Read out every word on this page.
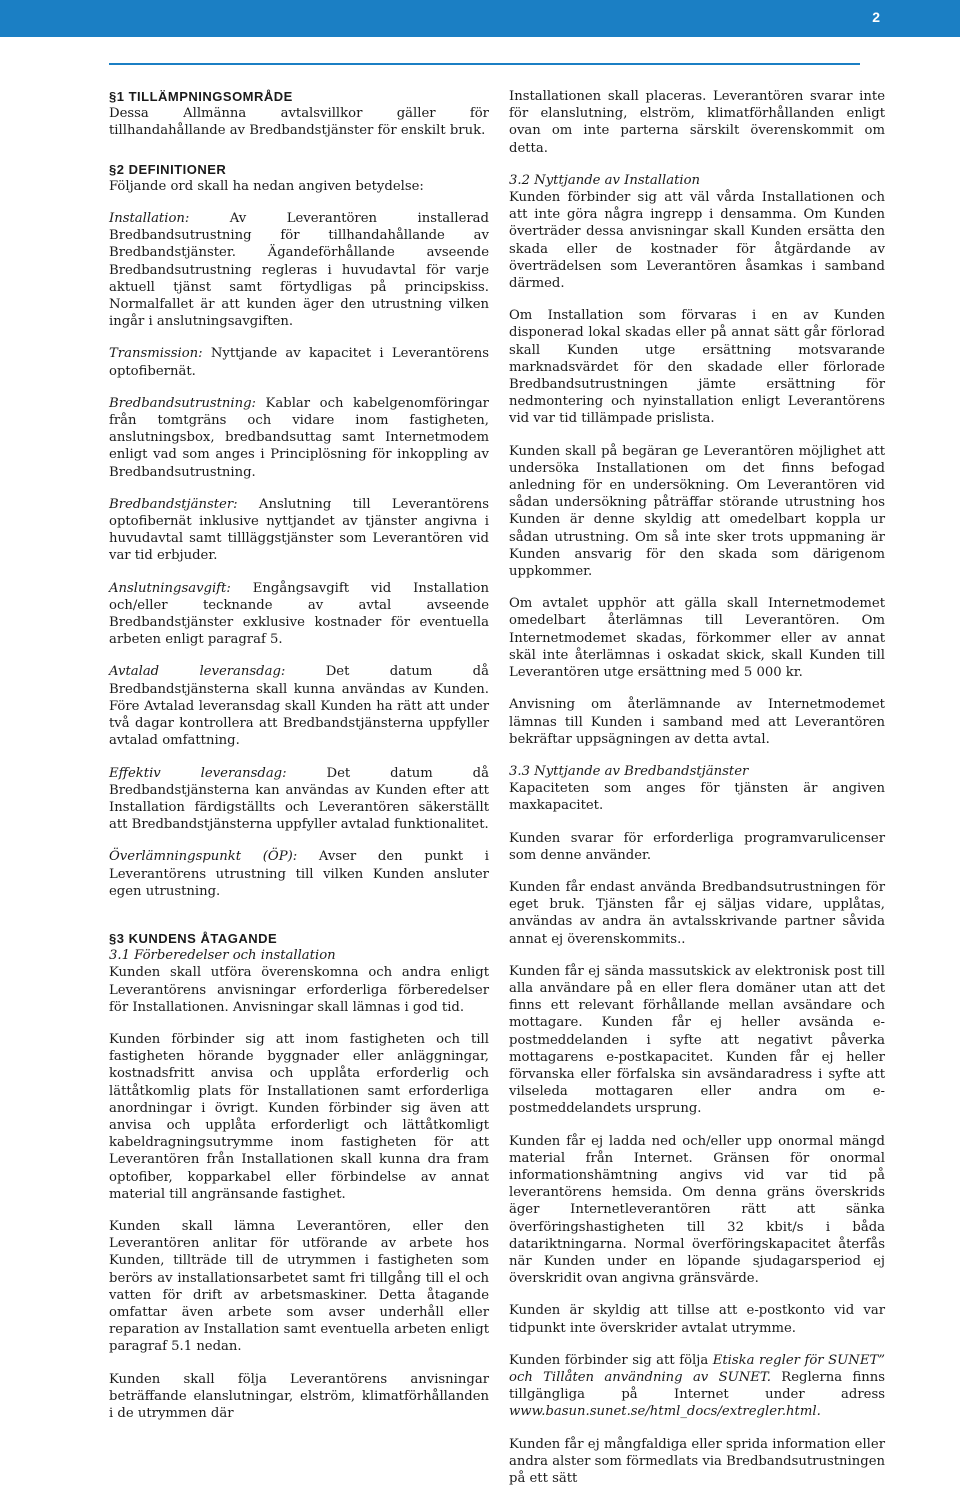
2
§1 TILLÄMPNINGSOMRÅDE

Dessa Allmänna avtalsvillkor gäller för tillhandahållande av Bredbandstjänster för enskilt bruk.

§2 DEFINITIONER

Följande ord skall ha nedan angiven betydelse:

Installation: Av Leverantören installerad Bredbandsutrustning för tillhandahållande av Bredbandstjänster. Ägandeförhållande avseende Bredbandsutrustning regleras i huvudavtal för varje aktuell tjänst samt förtydligas på principskiss. Normalfallet är att kunden äger den utrustning vilken ingår i anslutningsavgiften.

Transmission: Nyttjande av kapacitet i Leverantörens optofibernät.

Bredbandsutrustning: Kablar och kabelgenomföringar från tomtgräns och vidare inom fastigheten, anslutningsbox, bredbandsuttag samt Internetmodem enligt vad som anges i Principlösning för inkoppling av Bredbandsutrustning.

Bredbandstjänster: Anslutning till Leverantörens optofibernät inklusive nyttjandet av tjänster angivna i huvudavtal samt tillläggstjänster som Leverantören vid var tid erbjuder.

Anslutningsavgift: Engångsavgift vid Installation och/eller tecknande av avtal avseende Bredbandstjänster exklusive kostnader för eventuella arbeten enligt paragraf 5.

Avtalad leveransdag: Det datum då Bredbandstjänsterna skall kunna användas av Kunden. Före Avtalad leveransdag skall Kunden ha rätt att under två dagar kontrollera att Bredbandstjänsterna uppfyller avtalad omfattning.

Effektiv leveransdag: Det datum då Bredbandstjänsterna kan användas av Kunden efter att Installation färdigställts och Leverantören säkerställt att Bredbandstjänsterna uppfyller avtalad funktionalitet.

Överlämningspunkt (ÖP): Avser den punkt i Leverantörens utrustning till vilken Kunden ansluter egen utrustning.

§3 KUNDENS ÅTAGANDE
3.1 Förberedelser och installation

Kunden skall utföra överenskomna och andra enligt Leverantörens anvisningar erforderliga förberedelser för Installationen. Anvisningar skall lämnas i god tid.

Kunden förbinder sig att inom fastigheten och till fastigheten hörande byggnader eller anläggningar, kostnadsfritt anvisa och upplåta erforderlig och lättåtkomlig plats för Installationen samt erforderliga anordningar i övrigt. Kunden förbinder sig även att anvisa och upplåta erforderligt och lättåtkomligt kabeldragningsutrymme inom fastigheten för att Leverantören från Installationen skall kunna dra fram optofiber, kopparkabel eller förbindelse av annat material till angränsande fastighet.

Kunden skall lämna Leverantören, eller den Leverantören anlitar för utförande av arbete hos Kunden, tillträde till de utrymmen i fastigheten som berörs av installationsarbetet samt fri tillgång till el och vatten för drift av arbetsmaskiner. Detta åtagande omfattar även arbete som avser underhåll eller reparation av Installation samt eventuella arbeten enligt paragraf 5.1 nedan.

Kunden skall följa Leverantörens anvisningar beträffande elanslutningar, elström, klimatförhållanden i de utrymmen där

Installationen skall placeras. Leverantören svarar inte för elanslutning, elström, klimatförhållanden enligt ovan om inte parterna särskilt överenskommit om detta.

3.2 Nyttjande av Installation

Kunden förbinder sig att väl vårda Installationen och att inte göra några ingrepp i densamma. Om Kunden överträder dessa anvisningar skall Kunden ersätta den skada eller de kostnader för åtgärdande av överträdelsen som Leverantören åsamkas i samband därmed.

Om Installation som förvaras i en av Kunden disponerad lokal skadas eller på annat sätt går förlorad skall Kunden utge ersättning motsvarande marknadsvärdet för den skadade eller förlorade Bredbandsutrustningen jämte ersättning för nedmontering och nyinstallation enligt Leverantörens vid var tid tillämpade prislista.

Kunden skall på begäran ge Leverantören möjlighet att undersöka Installationen om det finns befogad anledning för en undersökning. Om Leverantören vid sådan undersökning påträffar störande utrustning hos Kunden är denne skyldig att omedelbart koppla ur sådan utrustning. Om så inte sker trots uppmaning är Kunden ansvarig för den skada som därigenom uppkommer.

Om avtalet upphör att gälla skall Internetmodemet omedelbart återlämnas till Leverantören. Om Internetmodemet skadas, förkommer eller av annat skäl inte återlämnas i oskadat skick, skall Kunden till Leverantören utge ersättning med 5 000 kr.

Anvisning om återlämnande av Internetmodemet lämnas till Kunden i samband med att Leverantören bekräftar uppsägningen av detta avtal.

3.3 Nyttjande av Bredbandstjänster

Kapaciteten som anges för tjänsten är angiven maxkapacitet.

Kunden svarar för erforderliga programvarulicenser som denne använder.

Kunden får endast använda Bredbandsutrustningen för eget bruk. Tjänsten får ej säljas vidare, upplåtas, användas av andra än avtalsskrivande partner såvida annat ej överenskommits..

Kunden får ej sända massutskick av elektronisk post till alla användare på en eller flera domäner utan att det finns ett relevant förhållande mellan avsändare och mottagare. Kunden får ej heller avsända e-postmeddelanden i syfte att negativt påverka mottagarens e-postkapacitet. Kunden får ej heller förvanska eller förfalska sin avsändaradress i syfte att vilseleda mottagaren eller andra om e-postmeddelandets ursprung.

Kunden får ej ladda ned och/eller upp onormal mängd material från Internet. Gränsen för onormal informationshämtning angivs vid var tid på leverantörens hemsida. Om denna gräns överskrids äger Internetleverantören rätt att sänka överföringshastigheten till 32 kbit/s i båda datariktningarna. Normal överföringskapacitet återfås när Kunden under en löpande sjudagarsperiod ej överskridit ovan angivna gränsvärde.

Kunden är skyldig att tillse att e-postkonto vid var tidpunkt inte överskrider avtalat utrymme.

Kunden förbinder sig att följa Etiska regler för SUNET” och Tillåten användning av SUNET. Reglerna finns tillgängliga på Internet under adress www.basun.sunet.se/html_docs/extregler.html.

Kunden får ej mångfaldiga eller sprida information eller andra alster som förmedlats via Bredbandsutrustningen på ett sätt
